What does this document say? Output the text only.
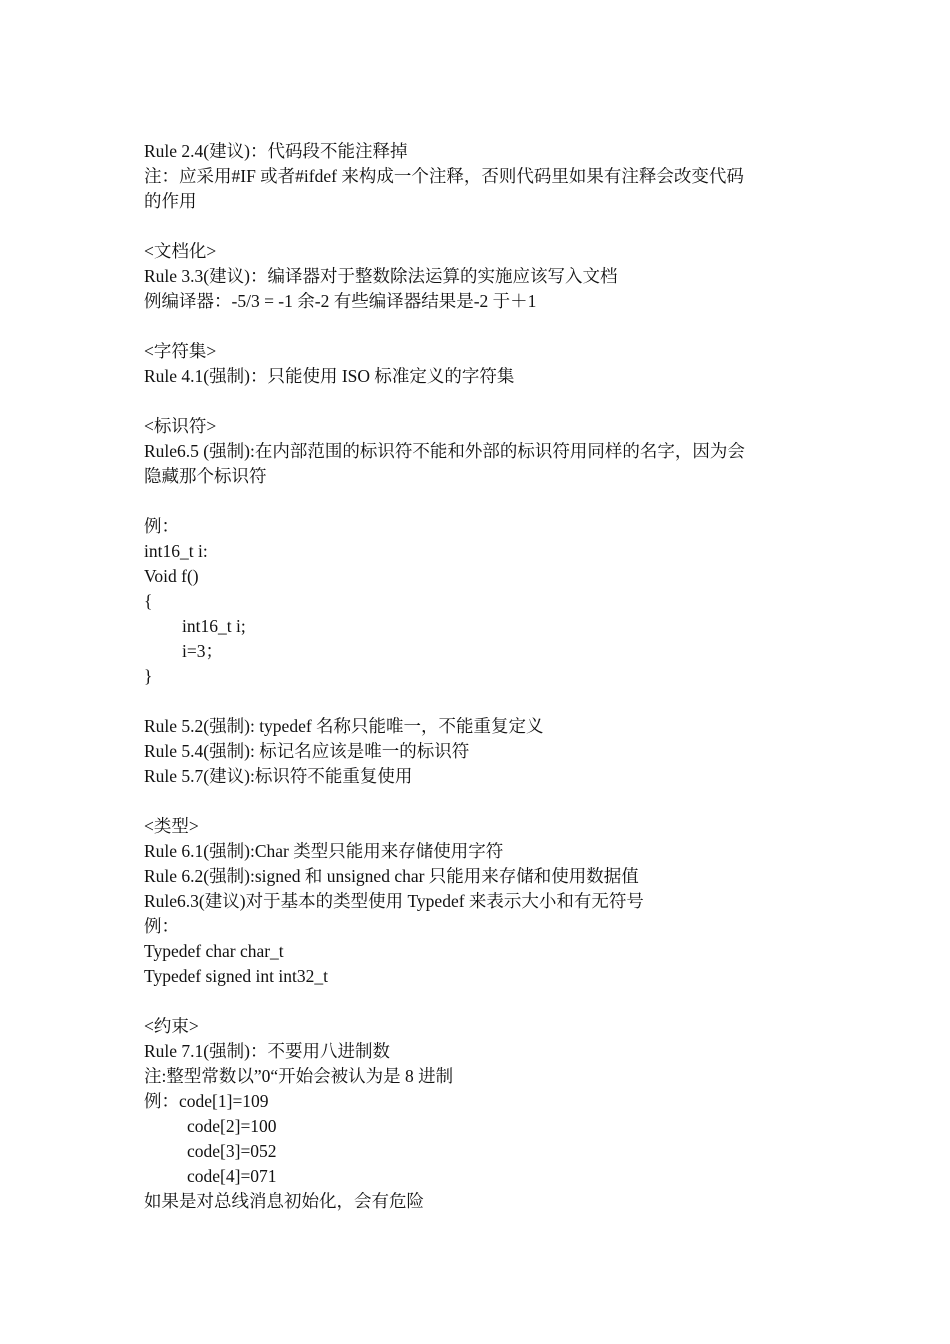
Rule 2.4(建议)：代码段不能注释掉
注：应采用#IF 或者#ifdef 来构成一个注释，否则代码里如果有注释会改变代码
的作用
<文档化>
Rule 3.3(建议)：编译器对于整数除法运算的实施应该写入文档
例编译器：-5/3 = -1 余-2 有些编译器结果是-2 于＋1
<字符集>
Rule 4.1(强制)：只能使用 ISO 标准定义的字符集
<标识符>
Rule6.5 (强制):在内部范围的标识符不能和外部的标识符用同样的名字，因为会
隐藏那个标识符
例：
int16_t i:
Void f()
{
int16_t i;
i=3；
}
Rule 5.2(强制): typedef 名称只能唯一，不能重复定义
Rule 5.4(强制): 标记名应该是唯一的标识符
Rule 5.7(建议):标识符不能重复使用
<类型>
Rule 6.1(强制):Char 类型只能用来存储使用字符
Rule 6.2(强制):signed 和 unsigned char 只能用来存储和使用数据值
Rule6.3(建议)对于基本的类型使用 Typedef 来表示大小和有无符号
例：
Typedef char char_t
Typedef signed int int32_t
<约束>
Rule 7.1(强制)：不要用八进制数
注:整型常数以”0“开始会被认为是 8 进制
例：code[1]=109
code[2]=100
code[3]=052
code[4]=071
如果是对总线消息初始化，会有危险
